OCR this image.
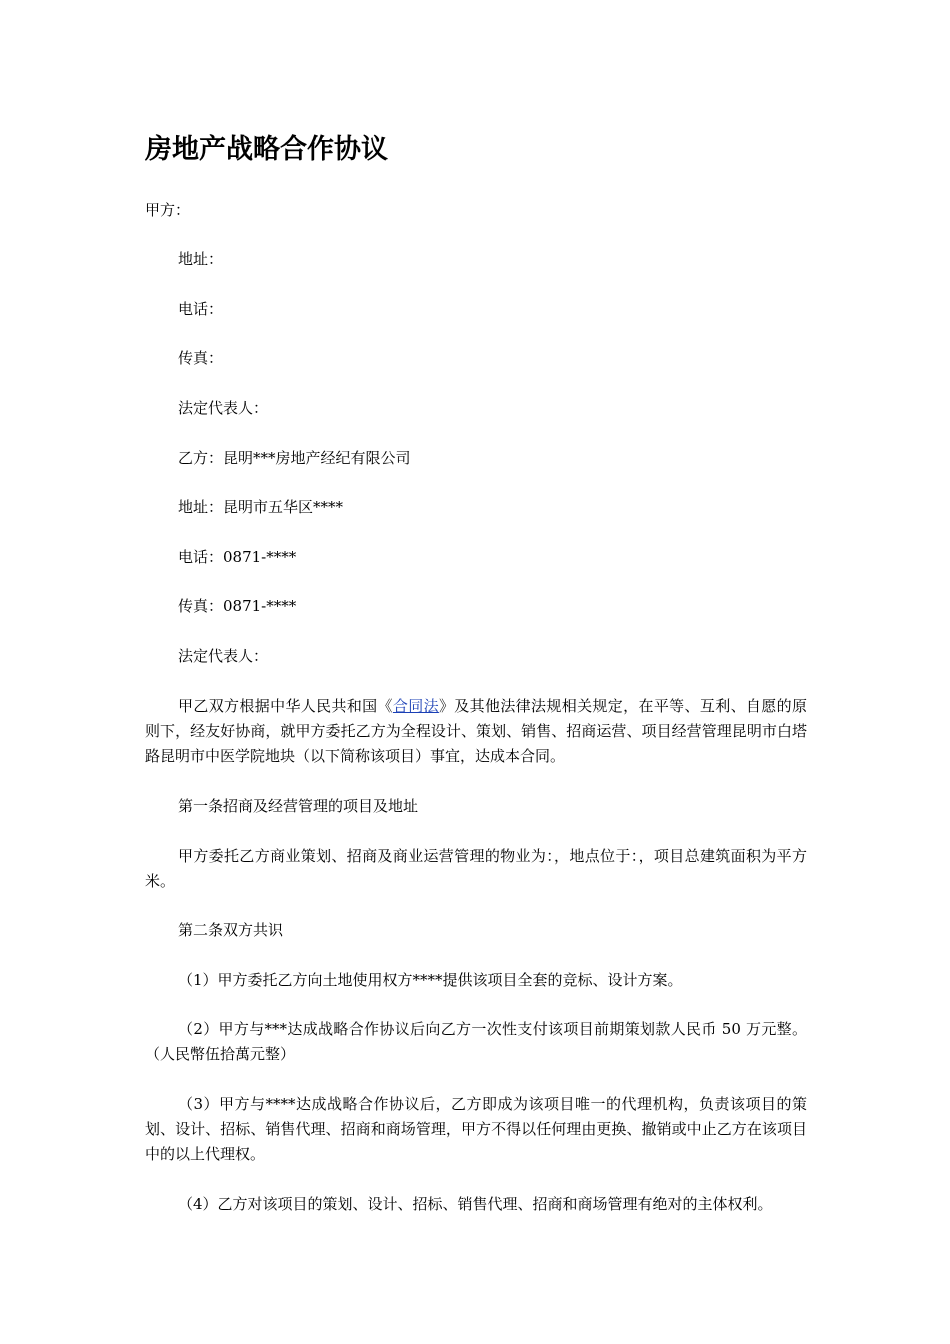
房地产战略合作协议
甲方：
地址：
电话：
传真：
法定代表人：
乙方：昆明***房地产经纪有限公司
地址：昆明市五华区****
电话：0871-****
传真：0871-****
法定代表人：
甲乙双方根据中华人民共和国《合同法》及其他法律法规相关规定，在平等、互利、自愿的原则下，经友好协商，就甲方委托乙方为全程设计、策划、销售、招商运营、项目经营管理昆明市白塔路昆明市中医学院地块（以下简称该项目）事宜，达成本合同。
第一条招商及经营管理的项目及地址
甲方委托乙方商业策划、招商及商业运营管理的物业为：，地点位于：，项目总建筑面积为平方米。
第二条双方共识
（1）甲方委托乙方向土地使用权方****提供该项目全套的竞标、设计方案。
（2）甲方与***达成战略合作协议后向乙方一次性支付该项目前期策划款人民币 50 万元整。（人民幣伍拾萬元整）
（3）甲方与****达成战略合作协议后，乙方即成为该项目唯一的代理机构，负责该项目的策划、设计、招标、销售代理、招商和商场管理，甲方不得以任何理由更换、撤销或中止乙方在该项目中的以上代理权。
（4）乙方对该项目的策划、设计、招标、销售代理、招商和商场管理有绝对的主体权利。
